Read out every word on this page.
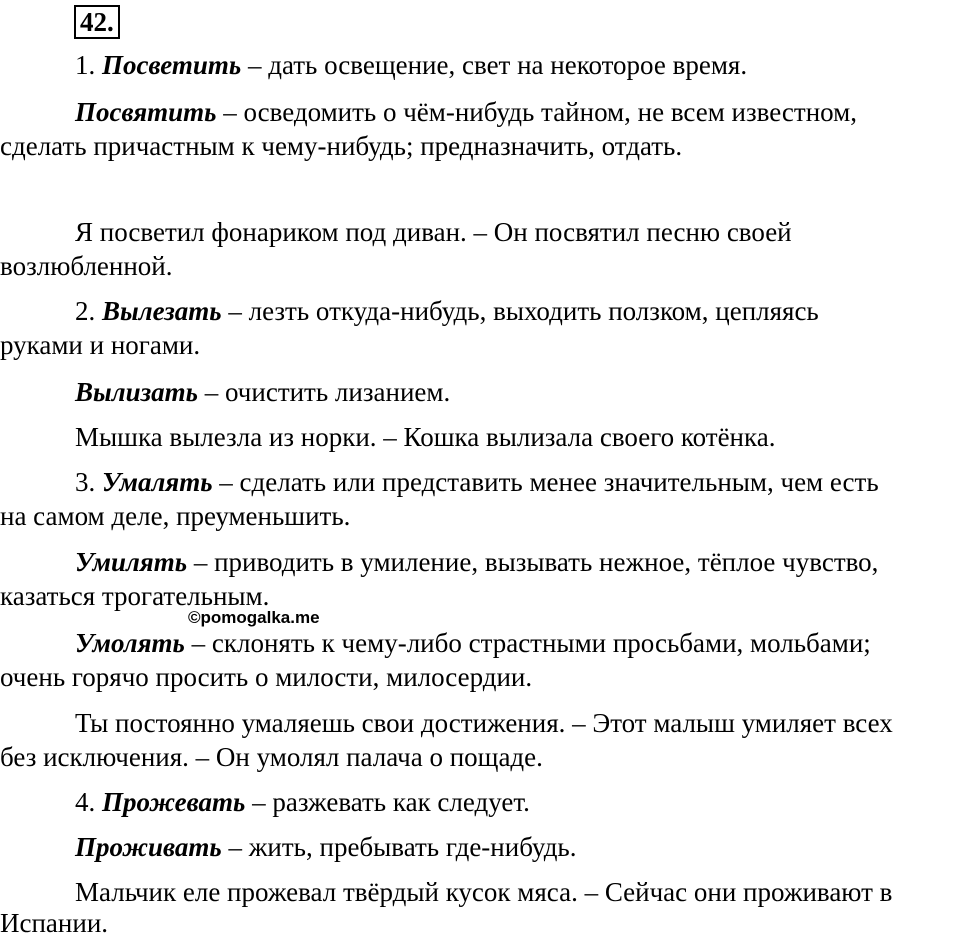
42.
1. Посветить – дать освещение, свет на некоторое время.
Посвятить – осведомить о чём-нибудь тайном, не всем известном,
сделать причастным к чему-нибудь; предназначить, отдать.
Я посветил фонариком под диван. – Он посвятил песню своей
возлюбленной.
2. Вылезать – лезть откуда-нибудь, выходить ползком, цепляясь
руками и ногами.
Вылизать – очистить лизанием.
Мышка вылезла из норки. – Кошка вылизала своего котёнка.
3. Умалять – сделать или представить менее значительным, чем есть
на самом деле, преуменьшить.
Умилять – приводить в умиление, вызывать нежное, тёплое чувство,
казаться трогательным.
©pomogalka.me
Умолять – склонять к чему-либо страстными просьбами, мольбами;
очень горячо просить о милости, милосердии.
Ты постоянно умаляешь свои достижения. – Этот малыш умиляет всех
без исключения. – Он умолял палача о пощаде.
4. Прожевать – разжевать как следует.
Проживать – жить, пребывать где-нибудь.
Мальчик еле прожевал твёрдый кусок мяса. – Сейчас они проживают в
Испании.
